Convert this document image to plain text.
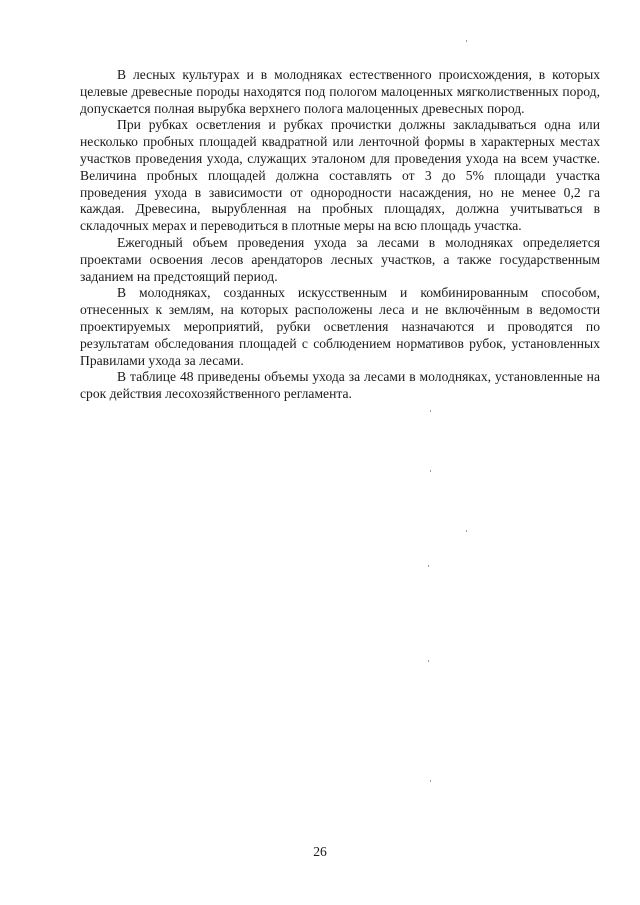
В лесных культурах и в молодняках естественного происхождения, в которых целевые древесные породы находятся под пологом малоценных мягколиственных пород, допускается полная вырубка верхнего полога малоценных древесных пород.

При рубках осветления и рубках прочистки должны закладываться одна или несколько пробных площадей квадратной или ленточной формы в характерных местах участков проведения ухода, служащих эталоном для проведения ухода на всем участке. Величина пробных площадей должна составлять от 3 до 5% площади участка проведения ухода в зависимости от однородности насаждения, но не менее 0,2 га каждая. Древесина, вырубленная на пробных площадях, должна учитываться в складочных мерах и переводиться в плотные меры на всю площадь участка.

Ежегодный объем проведения ухода за лесами в молодняках определяется проектами освоения лесов арендаторов лесных участков, а также государственным заданием на предстоящий период.

В молодняках, созданных искусственным и комбинированным способом, отнесенных к землям, на которых расположены леса и не включённым в ведомости проектируемых мероприятий, рубки осветления назначаются и проводятся по результатам обследования площадей с соблюдением нормативов рубок, установленных Правилами ухода за лесами.

В таблице 48 приведены объемы ухода за лесами в молодняках, установленные на срок действия лесохозяйственного регламента.

26
